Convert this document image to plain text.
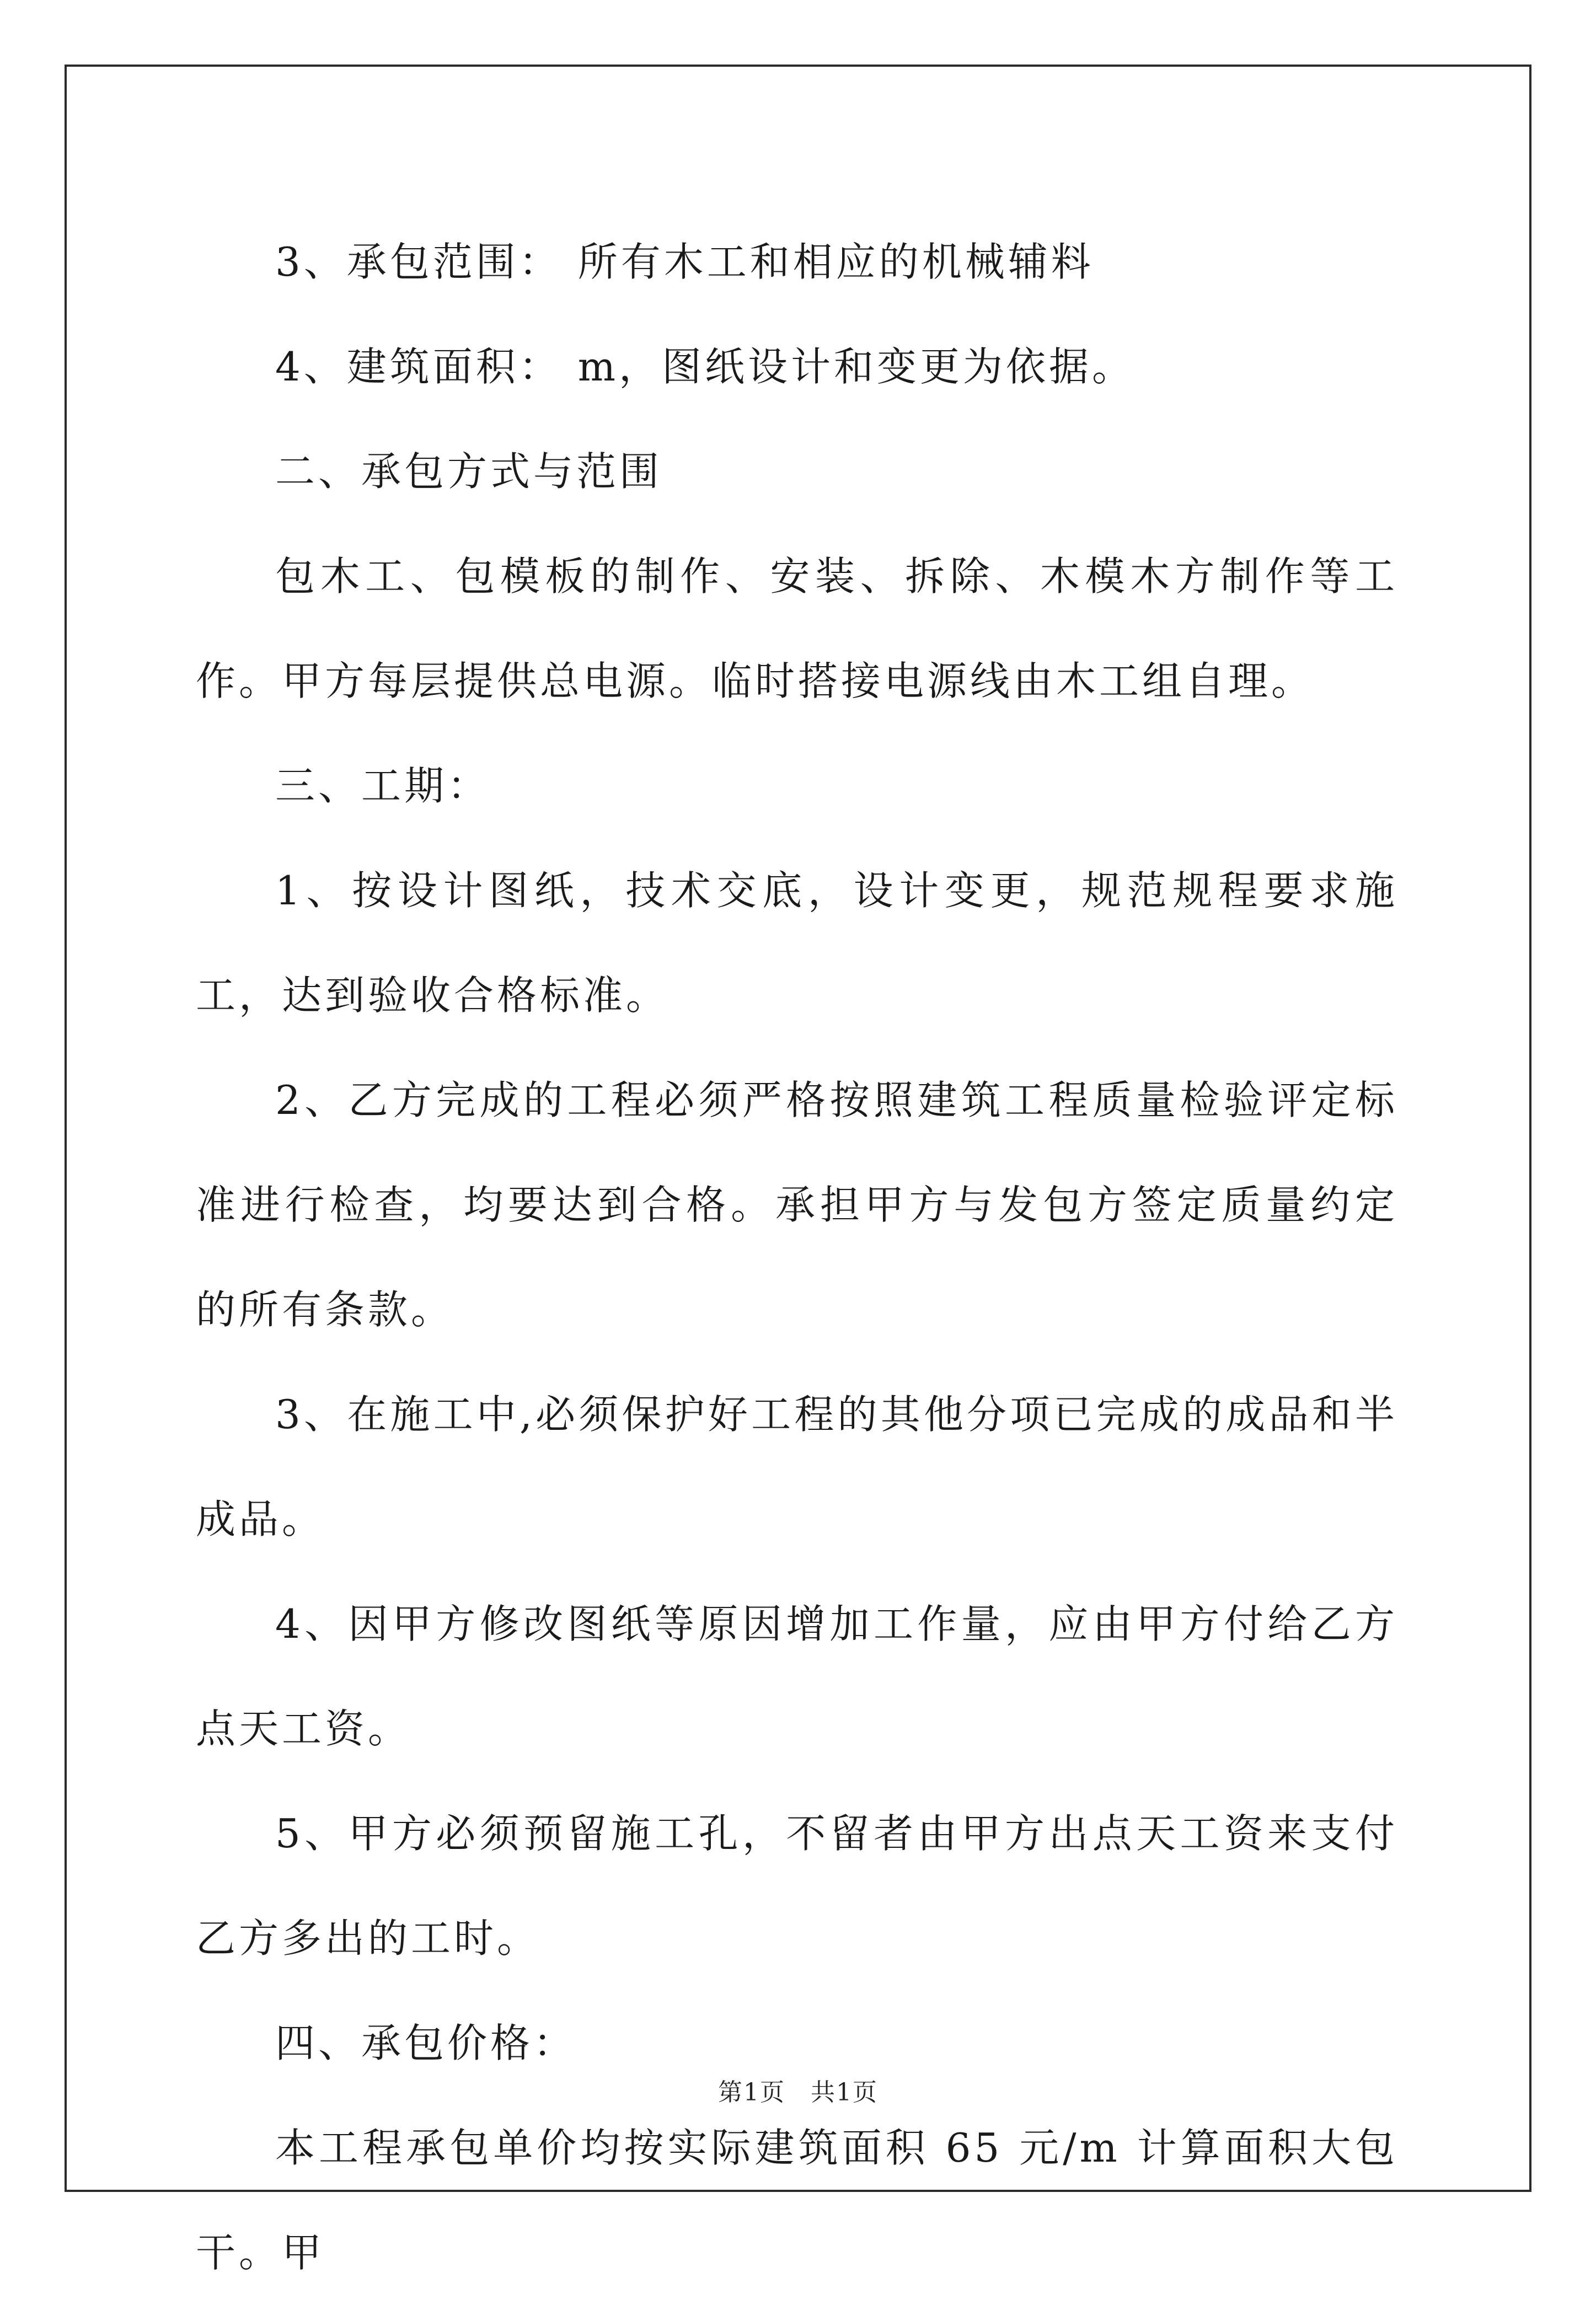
3、承包范围： 所有木工和相应的机械辅料

4、建筑面积： m，图纸设计和变更为依据。

二、承包方式与范围

包木工、包模板的制作、安装、拆除、木模木方制作等工作。甲方每层提供总电源。临时搭接电源线由木工组自理。

三、工期：

1、按设计图纸，技术交底，设计变更，规范规程要求施工，达到验收合格标准。

2、乙方完成的工程必须严格按照建筑工程质量检验评定标准进行检查，均要达到合格。承担甲方与发包方签定质量约定的所有条款。

3、在施工中,必须保护好工程的其他分项已完成的成品和半成品。

4、因甲方修改图纸等原因增加工作量，应由甲方付给乙方点天工资。

5、甲方必须预留施工孔，不留者由甲方出点天工资来支付乙方多出的工时。

四、承包价格：

本工程承包单价均按实际建筑面积 65 元/m 计算面积大包干。甲

第1页　共1页
